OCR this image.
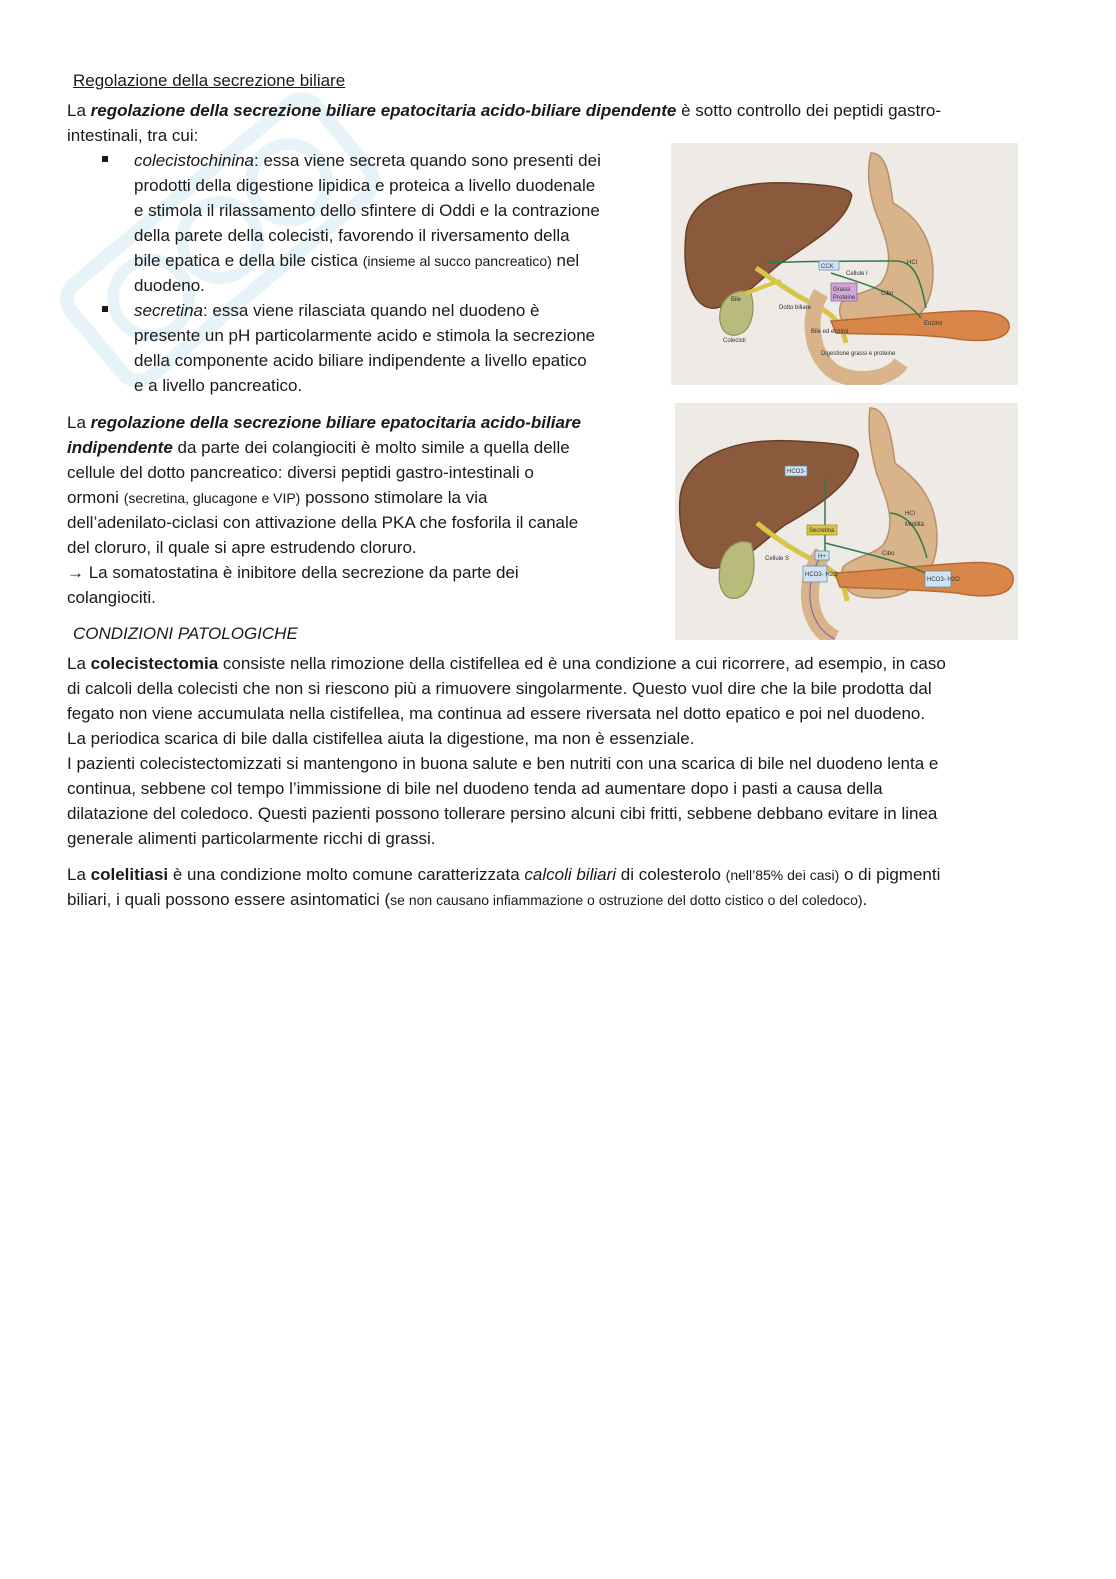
Regolazione della secrezione biliare
La regolazione della secrezione biliare epatocitaria acido-biliare dipendente è sotto controllo dei peptidi gastro-
intestinali, tra cui:
colecistochinina: essa viene secreta quando sono presenti dei
prodotti della digestione lipidica e proteica a livello duodenale
e stimola il rilassamento dello sfintere di Oddi e la contrazione
della parete della colecisti, favorendo il riversamento della
bile epatica e della bile cistica (insieme al succo pancreatico) nel
duodeno.
secretina: essa viene rilasciata quando nel duodeno è
presente un pH particolarmente acido e stimola la secrezione
della componente acido biliare indipendente a livello epatico
e a livello pancreatico.
La regolazione della secrezione biliare epatocitaria acido-biliare
indipendente da parte dei colangiociti è molto simile a quella delle
cellule del dotto pancreatico: diversi peptidi gastro-intestinali o
ormoni (secretina, glucagone e VIP) possono stimolare la via
dell’adenilato-ciclasi con attivazione della PKA che fosforila il canale
del cloruro, il quale si apre estrudendo cloruro.
→ La somatostatina è inibitore della secrezione da parte dei
colangiociti.
CONDIZIONI PATOLOGICHE
La colecistectomia consiste nella rimozione della cistifellea ed è una condizione a cui ricorrere, ad esempio, in caso
di calcoli della colecisti che non si riescono più a rimuovere singolarmente. Questo vuol dire che la bile prodotta dal
fegato non viene accumulata nella cistifellea, ma continua ad essere riversata nel dotto epatico e poi nel duodeno.
La periodica scarica di bile dalla cistifellea aiuta la digestione, ma non è essenziale.
I pazienti colecistectomizzati si mantengono in buona salute e ben nutriti con una scarica di bile nel duodeno lenta e
continua, sebbene col tempo l’immissione di bile nel duodeno tenda ad aumentare dopo i pasti a causa della
dilatazione del coledoco. Questi pazienti possono tollerare persino alcuni cibi fritti, sebbene debbano evitare in linea
generale alimenti particolarmente ricchi di grassi.
La colelitiasi è una condizione molto comune caratterizzata calcoli biliari di colesterolo (nell’85% dei casi) o di pigmenti
biliari, i quali possono essere asintomatici (se non causano infiammazione o ostruzione del dotto cistico o del coledoco).
CCK
Cellule I
Grassi
Proteine
Cibo
HCl
Enzimi
Bile
Dotto biliare
Bile ed enzimi
Digestione grassi e proteine
Colecisti
HCO3-
Secretina
Cellule S	H+
HCO3- H2O
Cibo
HCl
Motilità
HCO3- H2O
